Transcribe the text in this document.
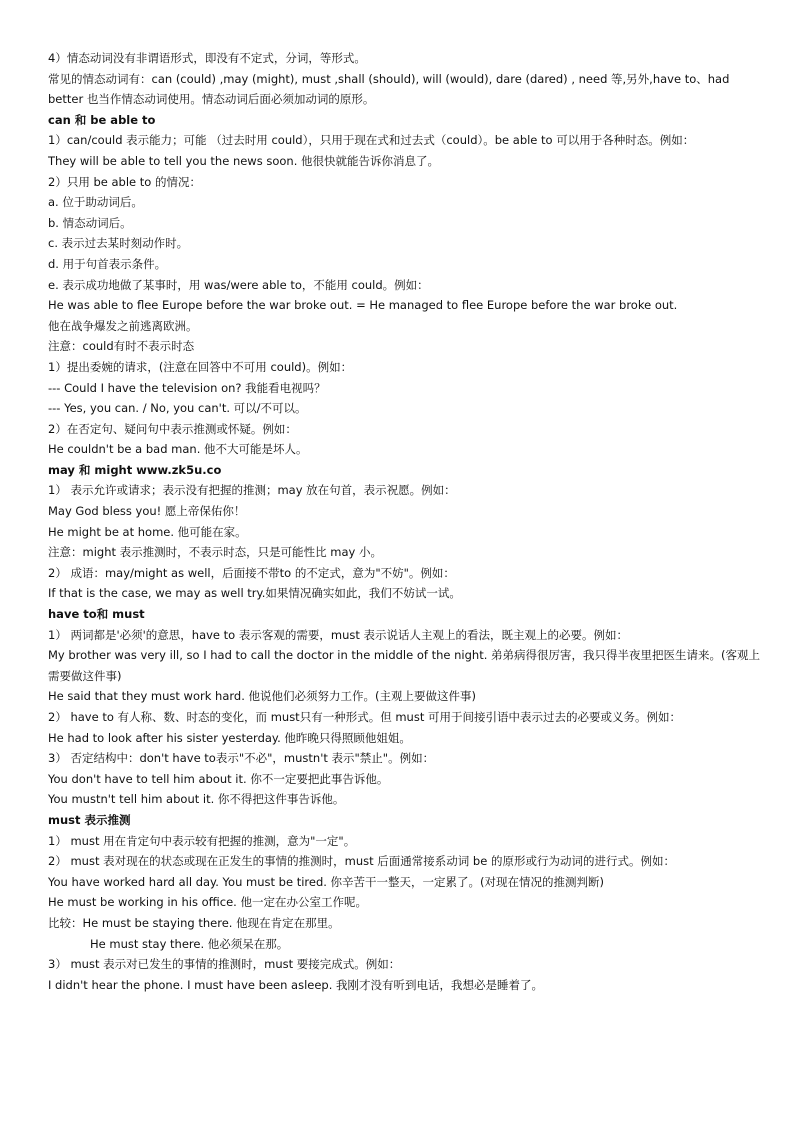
4）情态动词没有非谓语形式，即没有不定式，分词，等形式。
常见的情态动词有：can (could) ,may (might), must ,shall (should), will (would), dare (dared) , need 等,另外,have to、had better 也当作情态动词使用。情态动词后面必须加动词的原形。
can 和 be able to
1）can/could 表示能力；可能 （过去时用 could），只用于现在式和过去式（could）。be able to 可以用于各种时态。例如：
They will be able to tell you the news soon. 他很快就能告诉你消息了。
2）只用 be able to 的情况：
a. 位于助动词后。
b. 情态动词后。
c. 表示过去某时刻动作时。
d. 用于句首表示条件。
e. 表示成功地做了某事时，用 was/were able to，不能用 could。例如：
He was able to flee Europe before the war broke out. = He managed to flee Europe before the war broke out.
他在战争爆发之前逃离欧洲。
注意：could有时不表示时态
1）提出委婉的请求，(注意在回答中不可用 could)。例如：
--- Could I have the television on? 我能看电视吗？
--- Yes, you can. / No, you can't. 可以/不可以。
2）在否定句、疑问句中表示推测或怀疑。例如：
He couldn't be a bad man. 他不大可能是坏人。
may 和 might www.zk5u.co
1） 表示允许或请求；表示没有把握的推测；may 放在句首，表示祝愿。例如：
May God bless you! 愿上帝保佑你！
He might be at home. 他可能在家。
注意：might 表示推测时，不表示时态，只是可能性比 may 小。
2） 成语：may/might as well，后面接不带to 的不定式，意为"不妨"。例如：
If that is the case, we may as well try.如果情况确实如此，我们不妨试一试。
have to和 must
1） 两词都是'必须'的意思，have to 表示客观的需要，must 表示说话人主观上的看法，既主观上的必要。例如：
My brother was very ill, so I had to call the doctor in the middle of the night. 弟弟病得很厉害，我只得半夜里把医生请来。(客观上需要做这件事)
He said that they must work hard. 他说他们必须努力工作。(主观上要做这件事)
2） have to 有人称、数、时态的变化，而 must只有一种形式。但 must 可用于间接引语中表示过去的必要或义务。例如：
He had to look after his sister yesterday. 他昨晚只得照顾他姐姐。
3） 否定结构中：don't have to表示"不必"，mustn't 表示"禁止"。例如：
You don't have to tell him about it. 你不一定要把此事告诉他。
You mustn't tell him about it. 你不得把这件事告诉他。
must 表示推测
1） must 用在肯定句中表示较有把握的推测，意为"一定"。
2） must 表对现在的状态或现在正发生的事情的推测时，must 后面通常接系动词 be 的原形或行为动词的进行式。例如：
You have worked hard all day. You must be tired. 你辛苦干一整天，一定累了。(对现在情况的推测判断)
He must be working in his office. 他一定在办公室工作呢。
比较：He must be staying there. 他现在肯定在那里。
He must stay there. 他必须呆在那。
3） must 表示对已发生的事情的推测时，must 要接完成式。例如：
I didn't hear the phone. I must have been asleep. 我刚才没有听到电话，我想必是睡着了。
